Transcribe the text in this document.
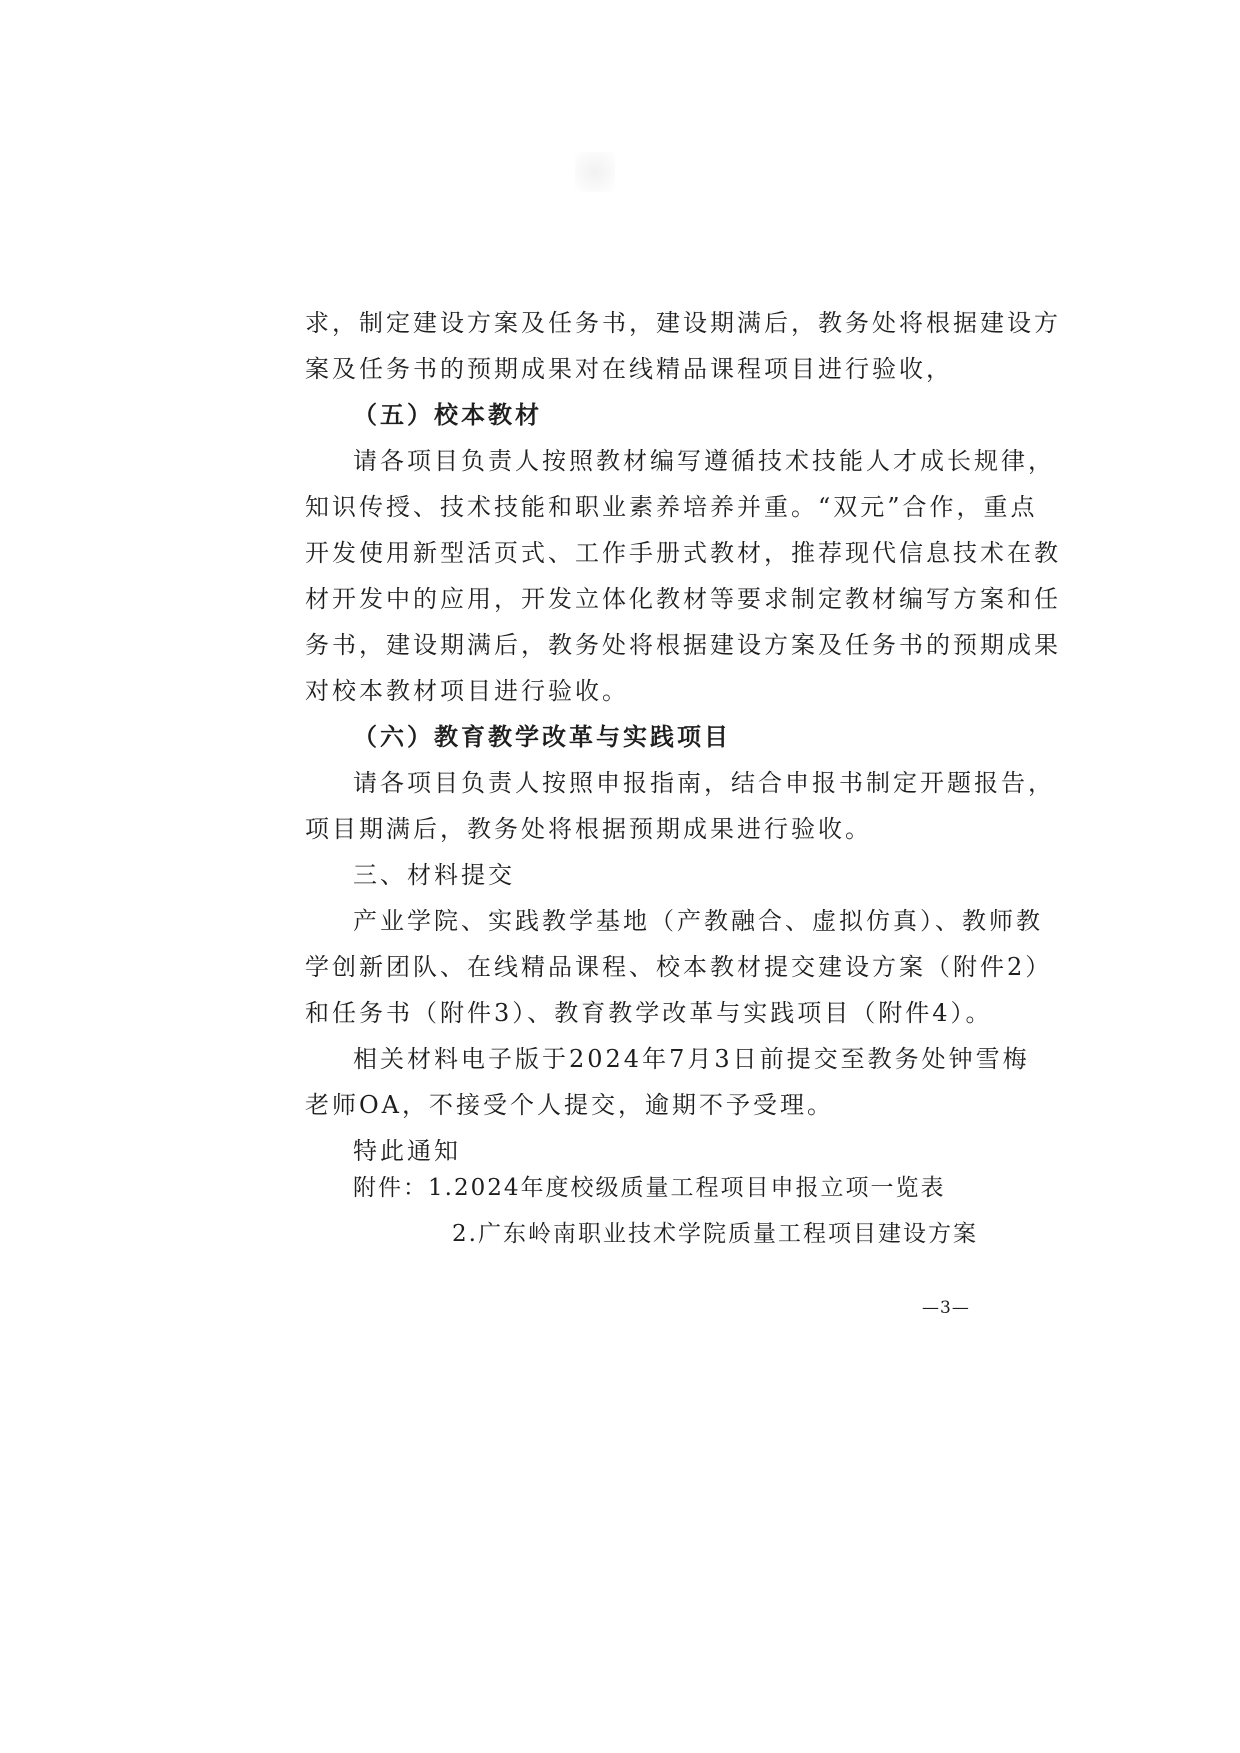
求，制定建设方案及任务书，建设期满后，教务处将根据建设方
案及任务书的预期成果对在线精品课程项目进行验收，
（五）校本教材
请各项目负责人按照教材编写遵循技术技能人才成长规律，
知识传授、技术技能和职业素养培养并重。“双元”合作，重点
开发使用新型活页式、工作手册式教材，推荐现代信息技术在教
材开发中的应用，开发立体化教材等要求制定教材编写方案和任
务书，建设期满后，教务处将根据建设方案及任务书的预期成果
对校本教材项目进行验收。
（六）教育教学改革与实践项目
请各项目负责人按照申报指南，结合申报书制定开题报告，
项目期满后，教务处将根据预期成果进行验收。
三、材料提交
产业学院、实践教学基地（产教融合、虚拟仿真）、教师教
学创新团队、在线精品课程、校本教材提交建设方案（附件2）
和任务书（附件3）、教育教学改革与实践项目（附件4）。
相关材料电子版于2024年7月3日前提交至教务处钟雪梅
老师OA，不接受个人提交，逾期不予受理。
特此通知
附件：1.2024年度校级质量工程项目申报立项一览表
2.广东岭南职业技术学院质量工程项目建设方案
—3—
